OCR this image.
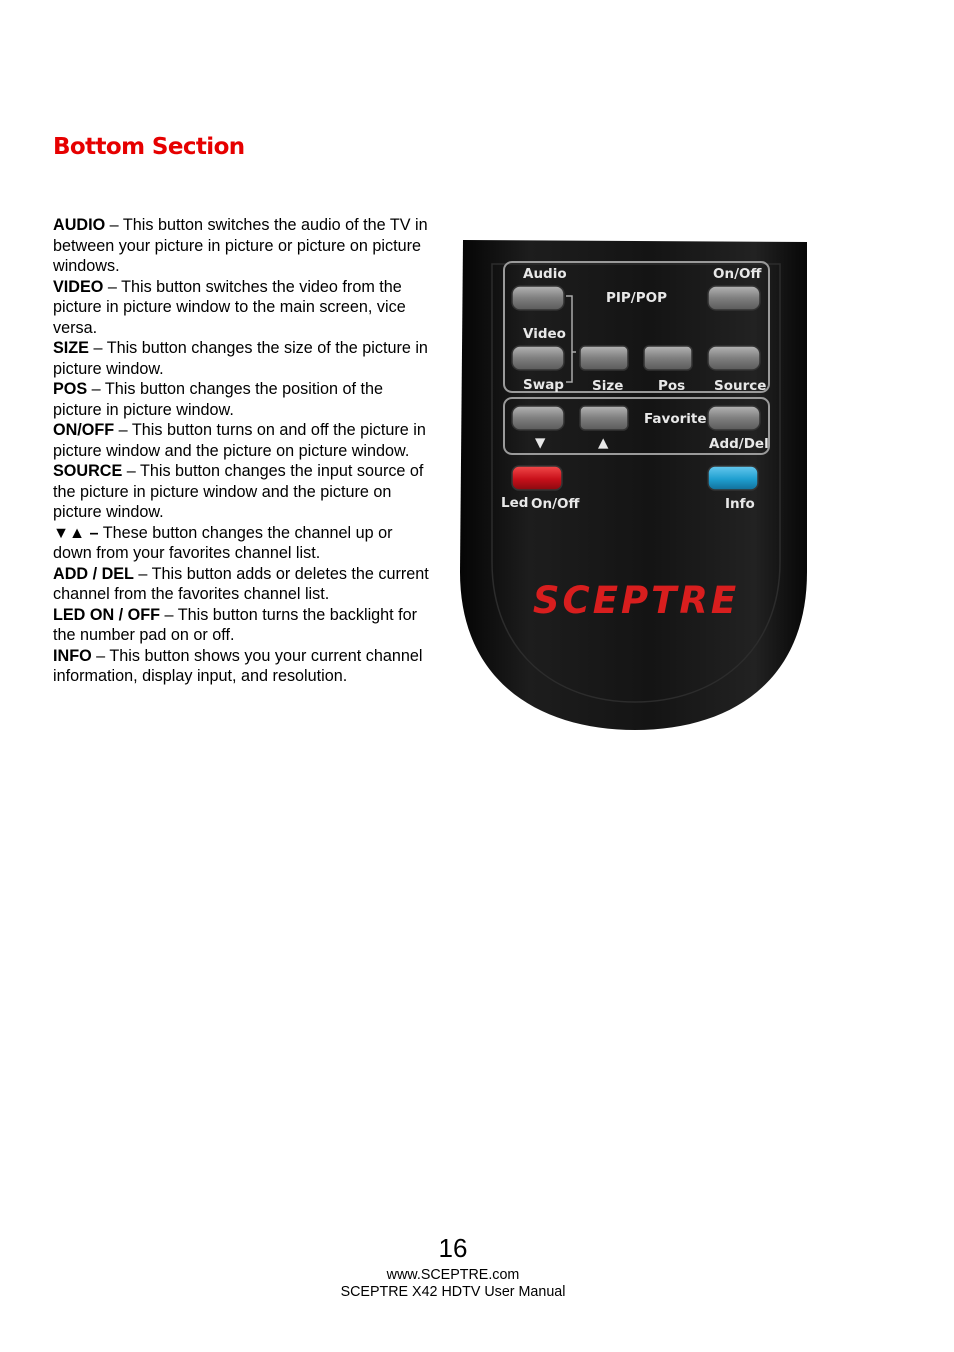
Bottom Section

AUDIO – This button switches the audio of the TV in between your picture in picture or picture on picture windows.

VIDEO – This button switches the video from the picture in picture window to the main screen, vice versa.

SIZE – This button changes the size of the picture in picture window.

POS – This button changes the position of the picture in picture window.

ON/OFF – This button turns on and off the picture in picture window and the picture on picture window.

SOURCE – This button changes the input source of the picture in picture window and the picture on picture window.

▼▲ – These button changes the channel up or down from your favorites channel list.

ADD / DEL – This button adds or deletes the current channel from the favorites channel list.

LED ON / OFF – This button turns the backlight for the number pad on or off.

INFO – This button shows you your current channel information, display input, and resolution.

Audio	On/Off
PIP/POP
Video
Swap Size	Pos Source
▼	▲
Favorite
Add/Del
Led On/Off	Info
SCEPTRE
16
www.SCEPTRE.com
SCEPTRE X42 HDTV User Manual
